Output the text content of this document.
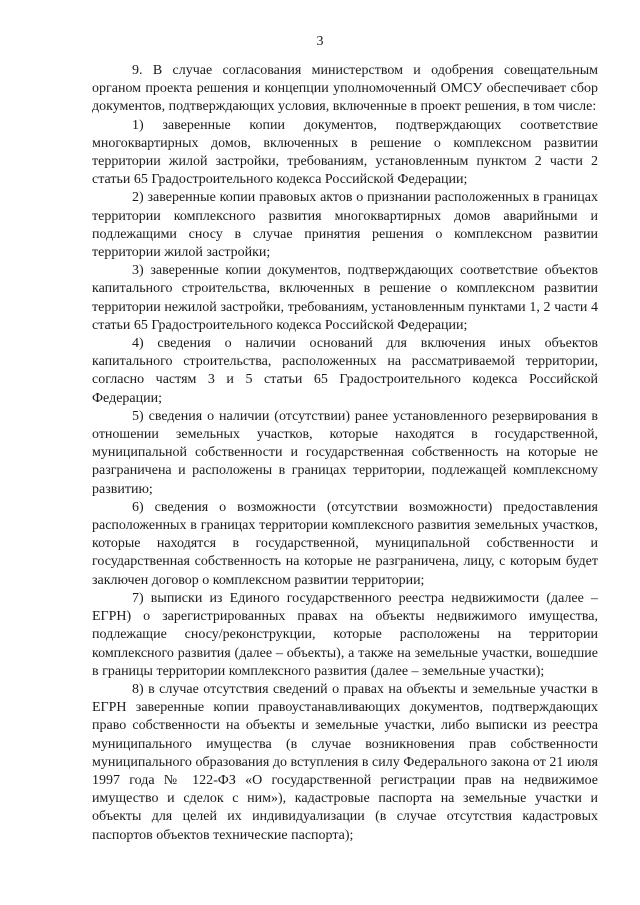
3

9. В случае согласования министерством и одобрения совещательным органом проекта решения и концепции уполномоченный ОМСУ обеспечивает сбор документов, подтверждающих условия, включенные в проект решения, в том числе:

1) заверенные копии документов, подтверждающих соответствие многоквартирных домов, включенных в решение о комплексном развитии территории жилой застройки, требованиям, установленным пунктом 2 части 2 статьи 65 Градостроительного кодекса Российской Федерации;

2) заверенные копии правовых актов о признании расположенных в границах территории комплексного развития многоквартирных домов аварийными и подлежащими сносу в случае принятия решения о комплексном развитии территории жилой застройки;

3) заверенные копии документов, подтверждающих соответствие объектов капитального строительства, включенных в решение о комплексном развитии территории нежилой застройки, требованиям, установленным пунктами 1, 2 части 4 статьи 65 Градостроительного кодекса Российской Федерации;

4) сведения о наличии оснований для включения иных объектов капитального строительства, расположенных на рассматриваемой территории, согласно частям 3 и 5 статьи 65 Градостроительного кодекса Российской Федерации;

5) сведения о наличии (отсутствии) ранее установленного резервирования в отношении земельных участков, которые находятся в государственной, муниципальной собственности и государственная собственность на которые не разграничена и расположены в границах территории, подлежащей комплексному развитию;

6) сведения о возможности (отсутствии возможности) предоставления расположенных в границах территории комплексного развития земельных участков, которые находятся в государственной, муниципальной собственности и государственная собственность на которые не разграничена, лицу, с которым будет заключен договор о комплексном развитии территории;

7) выписки из Единого государственного реестра недвижимости (далее – ЕГРН) о зарегистрированных правах на объекты недвижимого имущества, подлежащие сносу/реконструкции, которые расположены на территории комплексного развития (далее – объекты), а также на земельные участки, вошедшие в границы территории комплексного развития (далее – земельные участки);

8) в случае отсутствия сведений о правах на объекты и земельные участки в ЕГРН заверенные копии правоустанавливающих документов, подтверждающих право собственности на объекты и земельные участки, либо выписки из реестра муниципального имущества (в случае возникновения прав собственности муниципального образования до вступления в силу Федерального закона от 21 июля 1997 года № 122-ФЗ «О государственной регистрации прав на недвижимое имущество и сделок с ним»), кадастровые паспорта на земельные участки и объекты для целей их индивидуализации (в случае отсутствия кадастровых паспортов объектов технические паспорта);
